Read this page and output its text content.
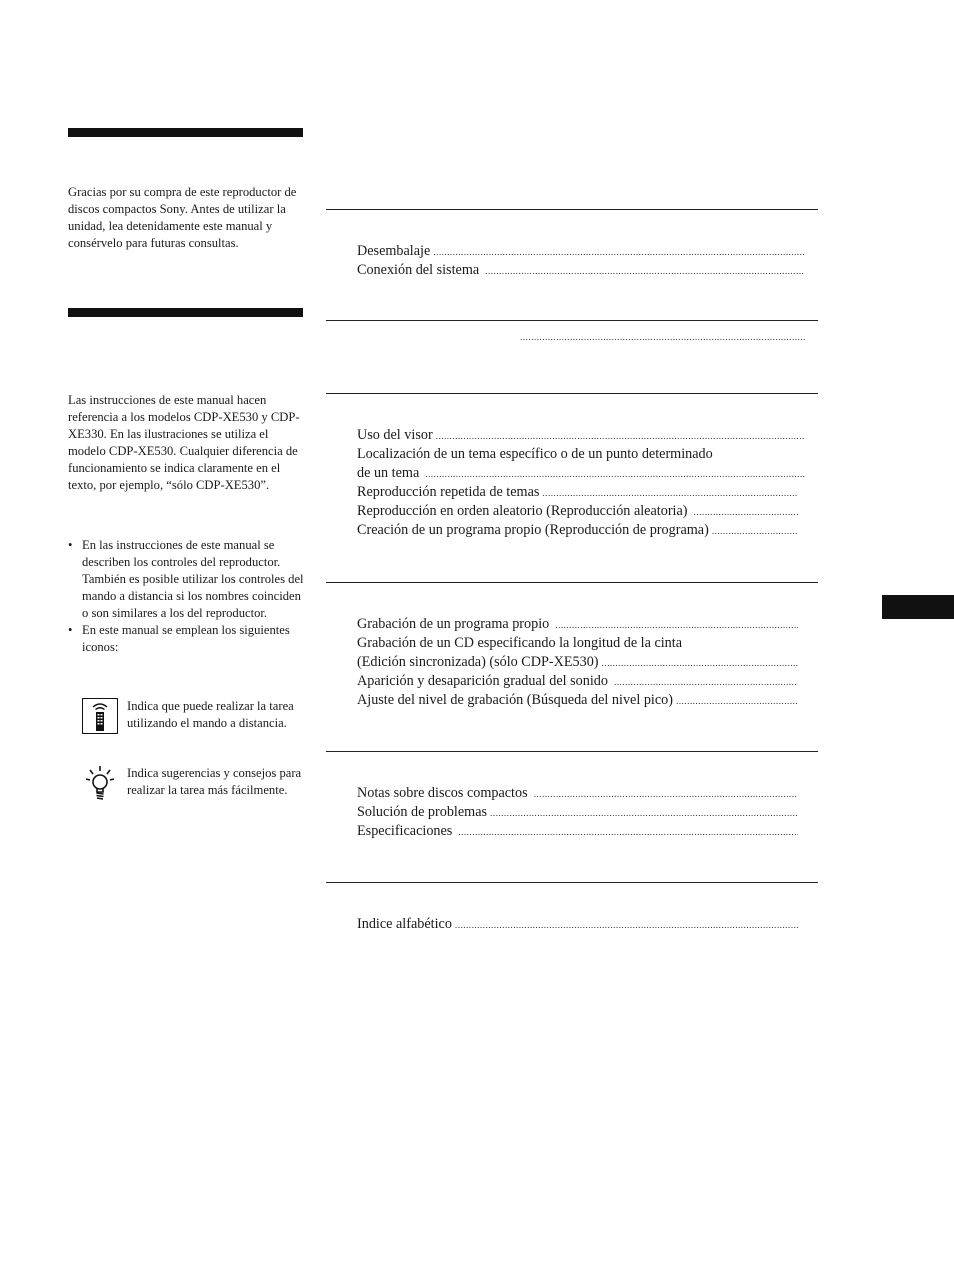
Gracias por su compra de este reproductor de discos compactos Sony. Antes de utilizar la unidad, lea detenidamente este manual y consérvelo para futuras consultas.

Las instrucciones de este manual hacen referencia a los modelos CDP-XE530 y CDP-XE330. En las ilustraciones se utiliza el modelo CDP-XE530. Cualquier diferencia de funcionamiento se indica claramente en el texto, por ejemplo, “sólo CDP-XE530”.

• En las instrucciones de este manual se describen los controles del reproductor.
También es posible utilizar los controles del mando a distancia si los nombres coinciden o son similares a los del reproductor.
• En este manual se emplean los siguientes iconos:
Indica que puede realizar la tarea utilizando el mando a distancia.
Indica sugerencias y consejos para realizar la tarea más fácilmente.
Desembalaje
.....
Conexión del sistema
.....
.....
Uso del visor
.....
Localización de un tema específico o de un punto determinado
de un tema
.....
Reproducción repetida de temas
.....
Reproducción en orden aleatorio (Reproducción aleatoria)
.....
Creación de un programa propio (Reproducción de programa)
.....
Grabación de un programa propio
.....
Grabación de un CD especificando la longitud de la cinta
(Edición sincronizada) (sólo CDP-XE530)
.....
Aparición y desaparición gradual del sonido
.....
Ajuste del nivel de grabación (Búsqueda del nivel pico)
.....
Notas sobre discos compactos
.....
Solución de problemas
.....
Especificaciones
.....
Indice alfabético
.....
